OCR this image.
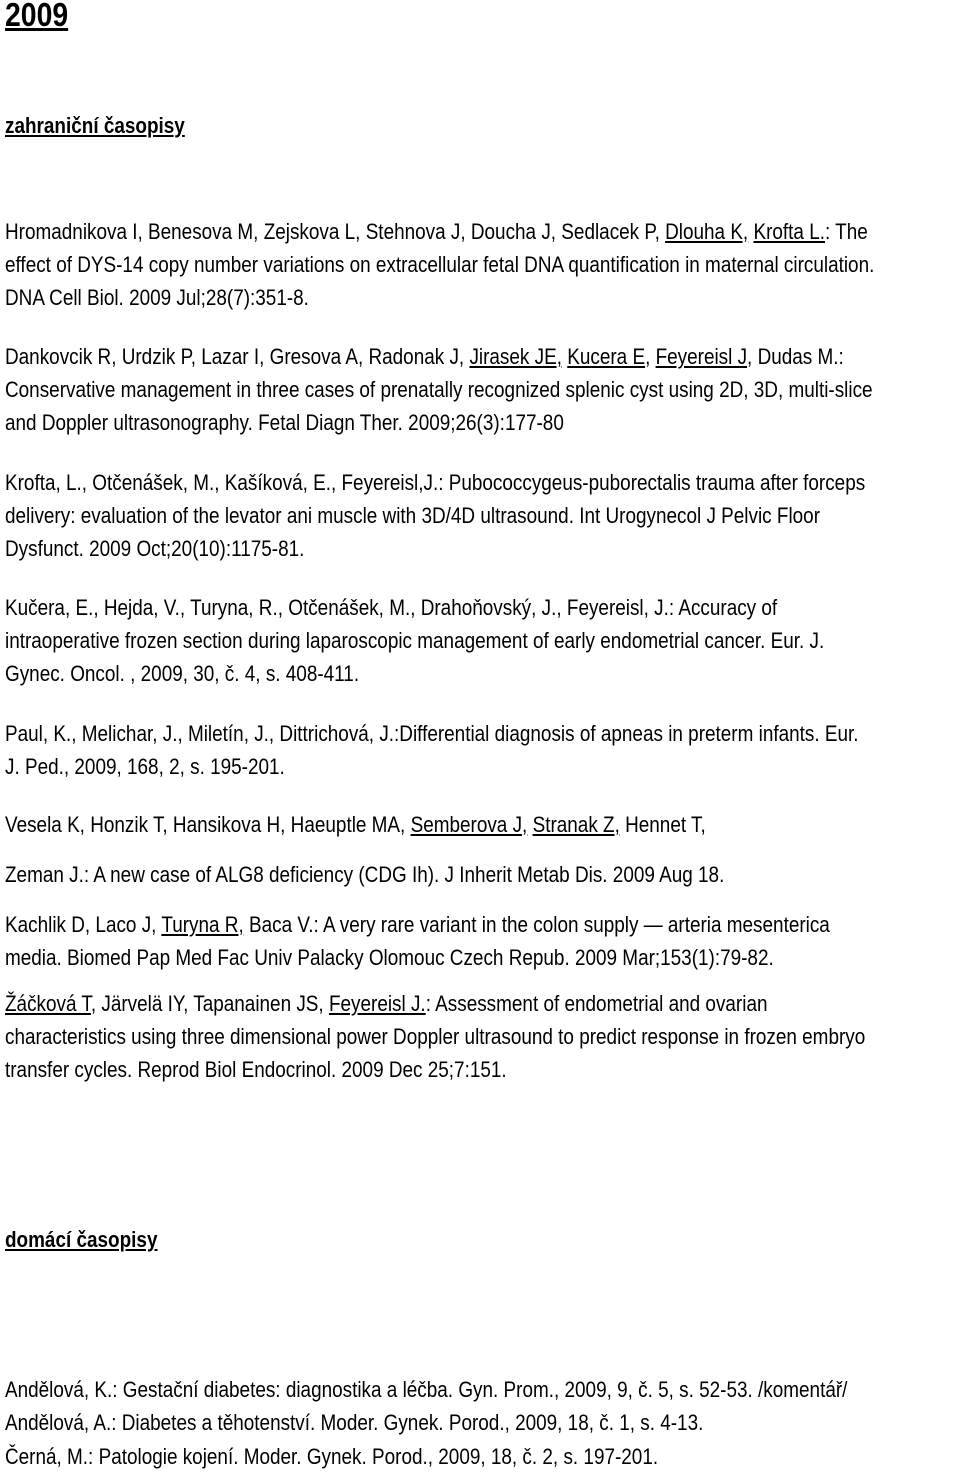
2009
zahraniční časopisy
Hromadnikova I, Benesova M, Zejskova L, Stehnova J, Doucha J, Sedlacek P, Dlouha K, Krofta L.: The
effect of DYS-14 copy number variations on extracellular fetal DNA quantification in maternal circulation.
DNA Cell Biol. 2009 Jul;28(7):351-8.
Dankovcik R, Urdzik P, Lazar I, Gresova A, Radonak J, Jirasek JE, Kucera E, Feyereisl J, Dudas M.:
Conservative management in three cases of prenatally recognized splenic cyst using 2D, 3D, multi-slice
and Doppler ultrasonography. Fetal Diagn Ther. 2009;26(3):177-80
Krofta, L., Otčenášek, M., Kašíková, E., Feyereisl,J.: Pubococcygeus-puborectalis trauma after forceps
delivery: evaluation of the levator ani muscle with 3D/4D ultrasound. Int Urogynecol J Pelvic Floor
Dysfunct. 2009 Oct;20(10):1175-81.
Kučera, E., Hejda, V., Turyna, R., Otčenášek, M., Drahoňovský, J., Feyereisl, J.: Accuracy of
intraoperative frozen section during laparoscopic management of early endometrial cancer. Eur. J.
Gynec. Oncol. , 2009, 30, č. 4, s. 408-411.
Paul, K., Melichar, J., Miletín, J., Dittrichová, J.:Differential diagnosis of apneas in preterm infants. Eur.
J. Ped., 2009, 168, 2, s. 195-201.
Vesela K, Honzik T, Hansikova H, Haeuptle MA, Semberova J, Stranak Z, Hennet T,
Zeman J.: A new case of ALG8 deficiency (CDG Ih). J Inherit Metab Dis. 2009 Aug 18.
Kachlik D, Laco J, Turyna R, Baca V.: A very rare variant in the colon supply — arteria mesenterica
media. Biomed Pap Med Fac Univ Palacky Olomouc Czech Repub. 2009 Mar;153(1):79-82.
Žáčková T, Järvelä IY, Tapanainen JS, Feyereisl J.: Assessment of endometrial and ovarian
characteristics using three dimensional power Doppler ultrasound to predict response in frozen embryo
transfer cycles. Reprod Biol Endocrinol. 2009 Dec 25;7:151.
domácí časopisy
Andělová, K.: Gestační diabetes: diagnostika a léčba. Gyn. Prom., 2009, 9, č. 5, s. 52-53. /komentář/
Andělová, A.: Diabetes a těhotenství. Moder. Gynek. Porod., 2009, 18, č. 1, s. 4-13.
Černá, M.: Patologie kojení. Moder. Gynek. Porod., 2009, 18, č. 2, s. 197-201.
